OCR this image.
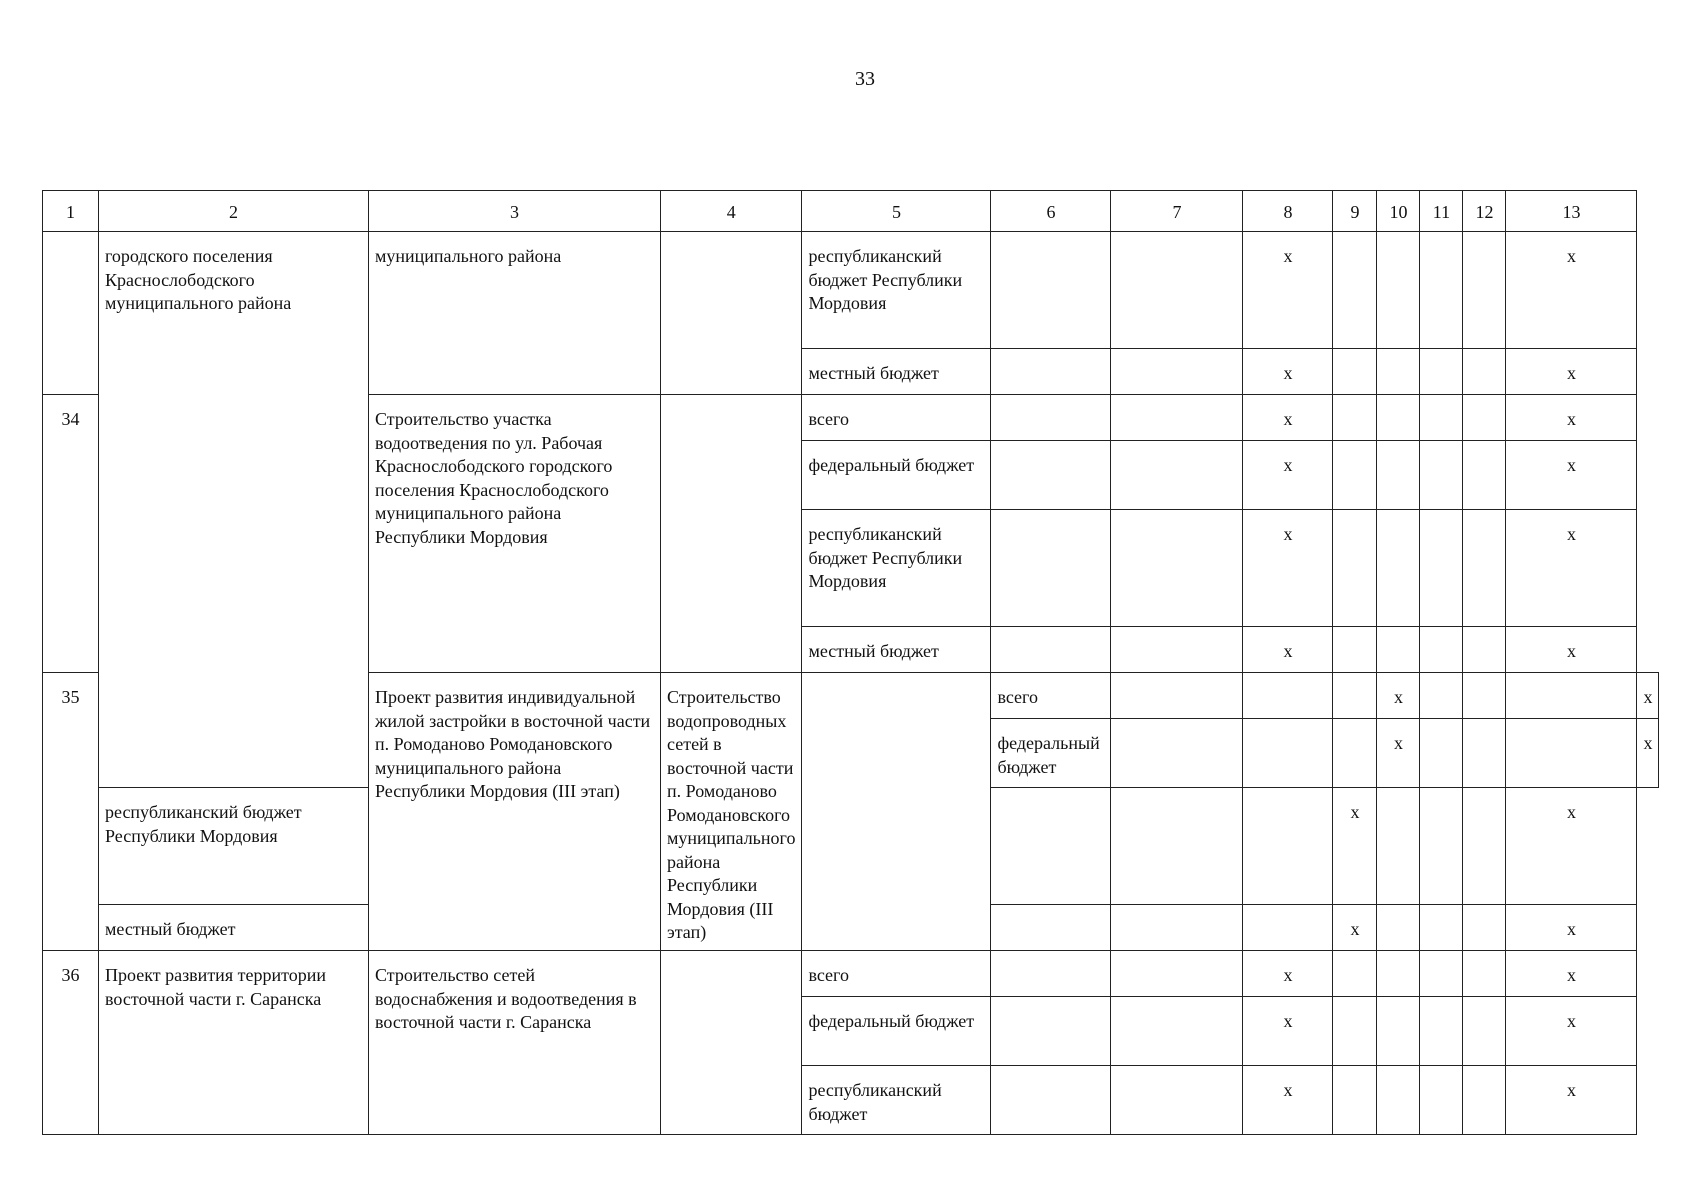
33
1	2	3	4	5	6	7	8	9	10	11	12	13	
	городского поселения Краснослободского муниципального района	муниципального района		республиканский бюджет Республики Мордовия			x					x	
				местный бюджет			x					x	
34		Строительство участка водоотведения по ул. Рабочая Краснослободского городского поселения Краснослободского муниципального района Республики Мордовия		всего			x					x	
				федеральный бюджет			x					x	
				республиканский бюджет Республики Мордовия			x					x	
				местный бюджет			x					x	
35		Проект развития индивидуальной жилой застройки в восточной части п. Ромоданово Ромодановского муниципального района Республики Мордовия (III этап)	Строительство водопроводных сетей в восточной части п. Ромоданово Ромодановского муниципального района Республики Мордовия (III этап)		всего				x				x
					федеральный бюджет				x				x
	республиканский бюджет Республики Мордовия							x				x	
	местный бюджет							x				x	
36	Проект развития территории восточной части г. Саранска	Строительство сетей водоснабжения и водоотведения в восточной части г. Саранска		всего			x					x	
				федеральный бюджет			x					x	
				республиканский бюджет			x					x	
